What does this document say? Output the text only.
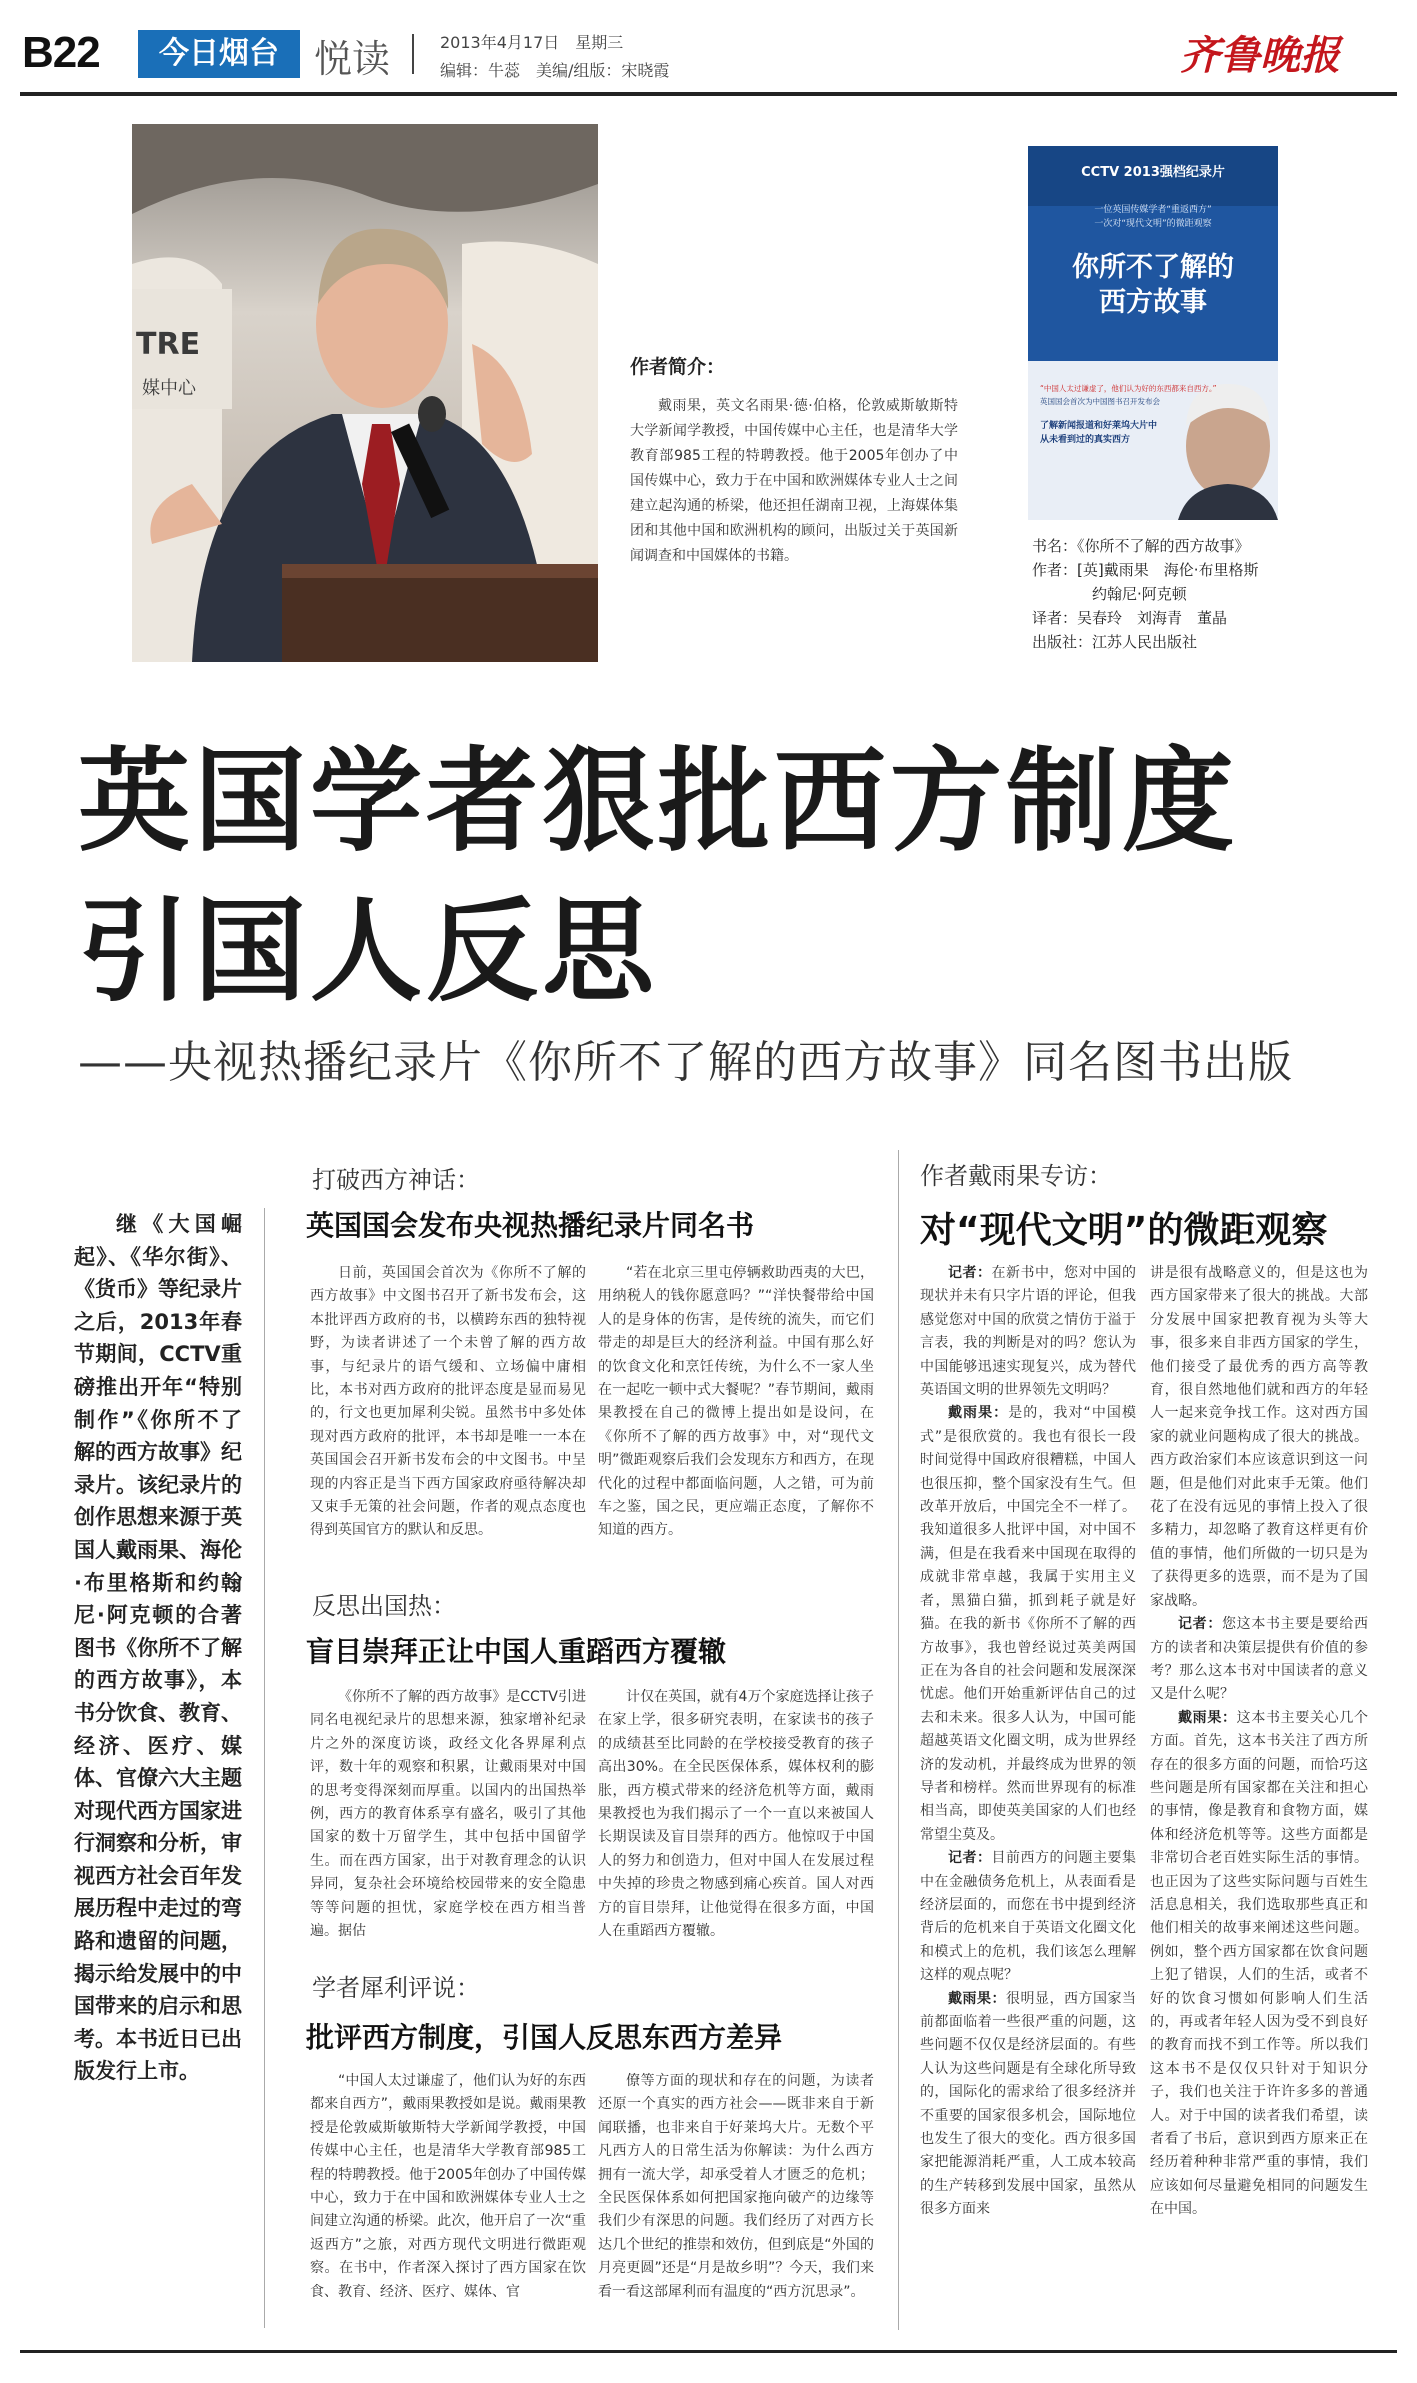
B22	今日烟台 悦读	2013年4月17日　星期三
编辑：牛蕊　美编/组版：宋晓霞	齐鲁晚报
TRE
媒中心
作者简介：
戴雨果，英文名雨果·德·伯格，伦敦威斯敏斯特大学新闻学教授，中国传媒中心主任，也是清华大学教育部985工程的特聘教授。他于2005年创办了中国传媒中心，致力于在中国和欧洲媒体专业人士之间建立起沟通的桥梁，他还担任湖南卫视，上海媒体集团和其他中国和欧洲机构的顾问，出版过关于英国新闻调查和中国媒体的书籍。
CCTV 2013强档纪录片
一位英国传媒学者“重返西方”
一次对“现代文明”的微距观察
你所不了解的
西方故事
“中国人太过谦虚了，他们认为好的东西都来自西方。”
英国国会首次为中国图书召开发布会
了解新闻报道和好莱坞大片中
从未看到过的真实西方
书名：《你所不了解的西方故事》
作者：[英]戴雨果　海伦·布里格斯
约翰尼·阿克顿
译者：吴春玲　刘海青　董晶
出版社：江苏人民出版社
英国学者狠批西方制度
引国人反思
——央视热播纪录片《你所不了解的西方故事》同名图书出版
继《大国崛起》、《华尔街》、《货币》等纪录片之后，2013年春节期间，CCTV重磅推出开年“特别制作”《你所不了解的西方故事》纪录片。该纪录片的创作思想来源于英国人戴雨果、海伦·布里格斯和约翰尼·阿克顿的合著图书《你所不了解的西方故事》，本书分饮食、教育、经济、医疗、媒体、官僚六大主题对现代西方国家进行洞察和分析，审视西方社会百年发展历程中走过的弯路和遗留的问题，揭示给发展中的中国带来的启示和思考。本书近日已出版发行上市。
打破西方神话：
英国国会发布央视热播纪录片同名书
日前，英国国会首次为《你所不了解的西方故事》中文图书召开了新书发布会，这本批评西方政府的书，以横跨东西的独特视野，为读者讲述了一个未曾了解的西方故事，与纪录片的语气缓和、立场偏中庸相比，本书对西方政府的批评态度是显而易见的，行文也更加犀利尖锐。虽然书中多处体现对西方政府的批评，本书却是唯一一本在英国国会召开新书发布会的中文图书。中呈现的内容正是当下西方国家政府亟待解决却又束手无策的社会问题，作者的观点态度也得到英国官方的默认和反思。
“若在北京三里屯停辆救助西夷的大巴，用纳税人的钱你愿意吗？”“洋快餐带给中国人的是身体的伤害，是传统的流失，而它们带走的却是巨大的经济利益。中国有那么好的饮食文化和烹饪传统，为什么不一家人坐在一起吃一顿中式大餐呢？”春节期间，戴雨果教授在自己的微博上提出如是设问，在《你所不了解的西方故事》中，对“现代文明”微距观察后我们会发现东方和西方，在现代化的过程中都面临问题，人之错，可为前车之鉴，国之民，更应端正态度，了解你不知道的西方。
反思出国热：
盲目崇拜正让中国人重蹈西方覆辙
《你所不了解的西方故事》是CCTV引进同名电视纪录片的思想来源，独家增补纪录片之外的深度访谈，政经文化各界犀利点评，数十年的观察和积累，让戴雨果对中国的思考变得深刻而厚重。以国内的出国热举例，西方的教育体系享有盛名，吸引了其他国家的数十万留学生，其中包括中国留学生。而在西方国家，出于对教育理念的认识异同，复杂社会环境给校园带来的安全隐患等等问题的担忧，家庭学校在西方相当普遍。据估
计仅在英国，就有4万个家庭选择让孩子在家上学，很多研究表明，在家读书的孩子的成绩甚至比同龄的在学校接受教育的孩子高出30%。在全民医保体系，媒体权利的膨胀，西方模式带来的经济危机等方面，戴雨果教授也为我们揭示了一个一直以来被国人长期误读及盲目崇拜的西方。他惊叹于中国人的努力和创造力，但对中国人在发展过程中失掉的珍贵之物感到痛心疾首。国人对西方的盲目崇拜，让他觉得在很多方面，中国人在重蹈西方覆辙。
学者犀利评说：
批评西方制度，引国人反思东西方差异
“中国人太过谦虚了，他们认为好的东西都来自西方”，戴雨果教授如是说。戴雨果教授是伦敦威斯敏斯特大学新闻学教授，中国传媒中心主任，也是清华大学教育部985工程的特聘教授。他于2005年创办了中国传媒中心，致力于在中国和欧洲媒体专业人士之间建立沟通的桥梁。此次，他开启了一次“重返西方”之旅，对西方现代文明进行微距观察。在书中，作者深入探讨了西方国家在饮食、教育、经济、医疗、媒体、官
僚等方面的现状和存在的问题，为读者还原一个真实的西方社会——既非来自于新闻联播，也非来自于好莱坞大片。无数个平凡西方人的日常生活为你解读：为什么西方拥有一流大学，却承受着人才匮乏的危机；全民医保体系如何把国家拖向破产的边缘等我们少有深思的问题。我们经历了对西方长达几个世纪的推崇和效仿，但到底是“外国的月亮更圆”还是“月是故乡明”？今天，我们来看一看这部犀利而有温度的“西方沉思录”。
作者戴雨果专访：
对“现代文明”的微距观察

记者：在新书中，您对中国的现状并未有只字片语的评论，但我感觉您对中国的欣赏之情仿于溢于言表，我的判断是对的吗？您认为中国能够迅速实现复兴，成为替代英语国文明的世界领先文明吗？

戴雨果：是的，我对“中国模式”是很欣赏的。我也有很长一段时间觉得中国政府很糟糕，中国人也很压抑，整个国家没有生气。但改革开放后，中国完全不一样了。我知道很多人批评中国，对中国不满，但是在我看来中国现在取得的成就非常卓越，我属于实用主义者，黑猫白猫，抓到耗子就是好猫。在我的新书《你所不了解的西方故事》，我也曾经说过英美两国正在为各自的社会问题和发展深深忧虑。他们开始重新评估自己的过去和未来。很多人认为，中国可能超越英语文化圈文明，成为世界经济的发动机，并最终成为世界的领导者和榜样。然而世界现有的标准相当高，即使英美国家的人们也经常望尘莫及。

记者：目前西方的问题主要集中在金融债务危机上，从表面看是经济层面的，而您在书中提到经济背后的危机来自于英语文化圈文化和模式上的危机，我们该怎么理解这样的观点呢？

戴雨果：很明显，西方国家当前都面临着一些很严重的问题，这些问题不仅仅是经济层面的。有些人认为这些问题是有全球化所导致的，国际化的需求给了很多经济并不重要的国家很多机会，国际地位也发生了很大的变化。西方很多国家把能源消耗严重，人工成本较高的生产转移到发展中国家，虽然从很多方面来

讲是很有战略意义的，但是这也为西方国家带来了很大的挑战。大部分发展中国家把教育视为头等大事，很多来自非西方国家的学生，他们接受了最优秀的西方高等教育，很自然地他们就和西方的年轻人一起来竞争找工作。这对西方国家的就业问题构成了很大的挑战。西方政治家们本应该意识到这一问题，但是他们对此束手无策。他们花了在没有远见的事情上投入了很多精力，却忽略了教育这样更有价值的事情，他们所做的一切只是为了获得更多的选票，而不是为了国家战略。

记者：您这本书主要是要给西方的读者和决策层提供有价值的参考？那么这本书对中国读者的意义又是什么呢？

戴雨果：这本书主要关心几个方面。首先，这本书关注了西方所存在的很多方面的问题，而恰巧这些问题是所有国家都在关注和担心的事情，像是教育和食物方面，媒体和经济危机等等。这些方面都是非常切合老百姓实际生活的事情。也正因为了这些实际问题与百姓生活息息相关，我们选取那些真正和他们相关的故事来阐述这些问题。例如，整个西方国家都在饮食问题上犯了错误，人们的生活，或者不好的饮食习惯如何影响人们生活的，再或者年轻人因为受不到良好的教育而找不到工作等。所以我们这本书不是仅仅只针对于知识分子，我们也关注于许许多多的普通人。对于中国的读者我们希望，读者看了书后，意识到西方原来正在经历着种种非常严重的事情，我们应该如何尽量避免相同的问题发生在中国。
